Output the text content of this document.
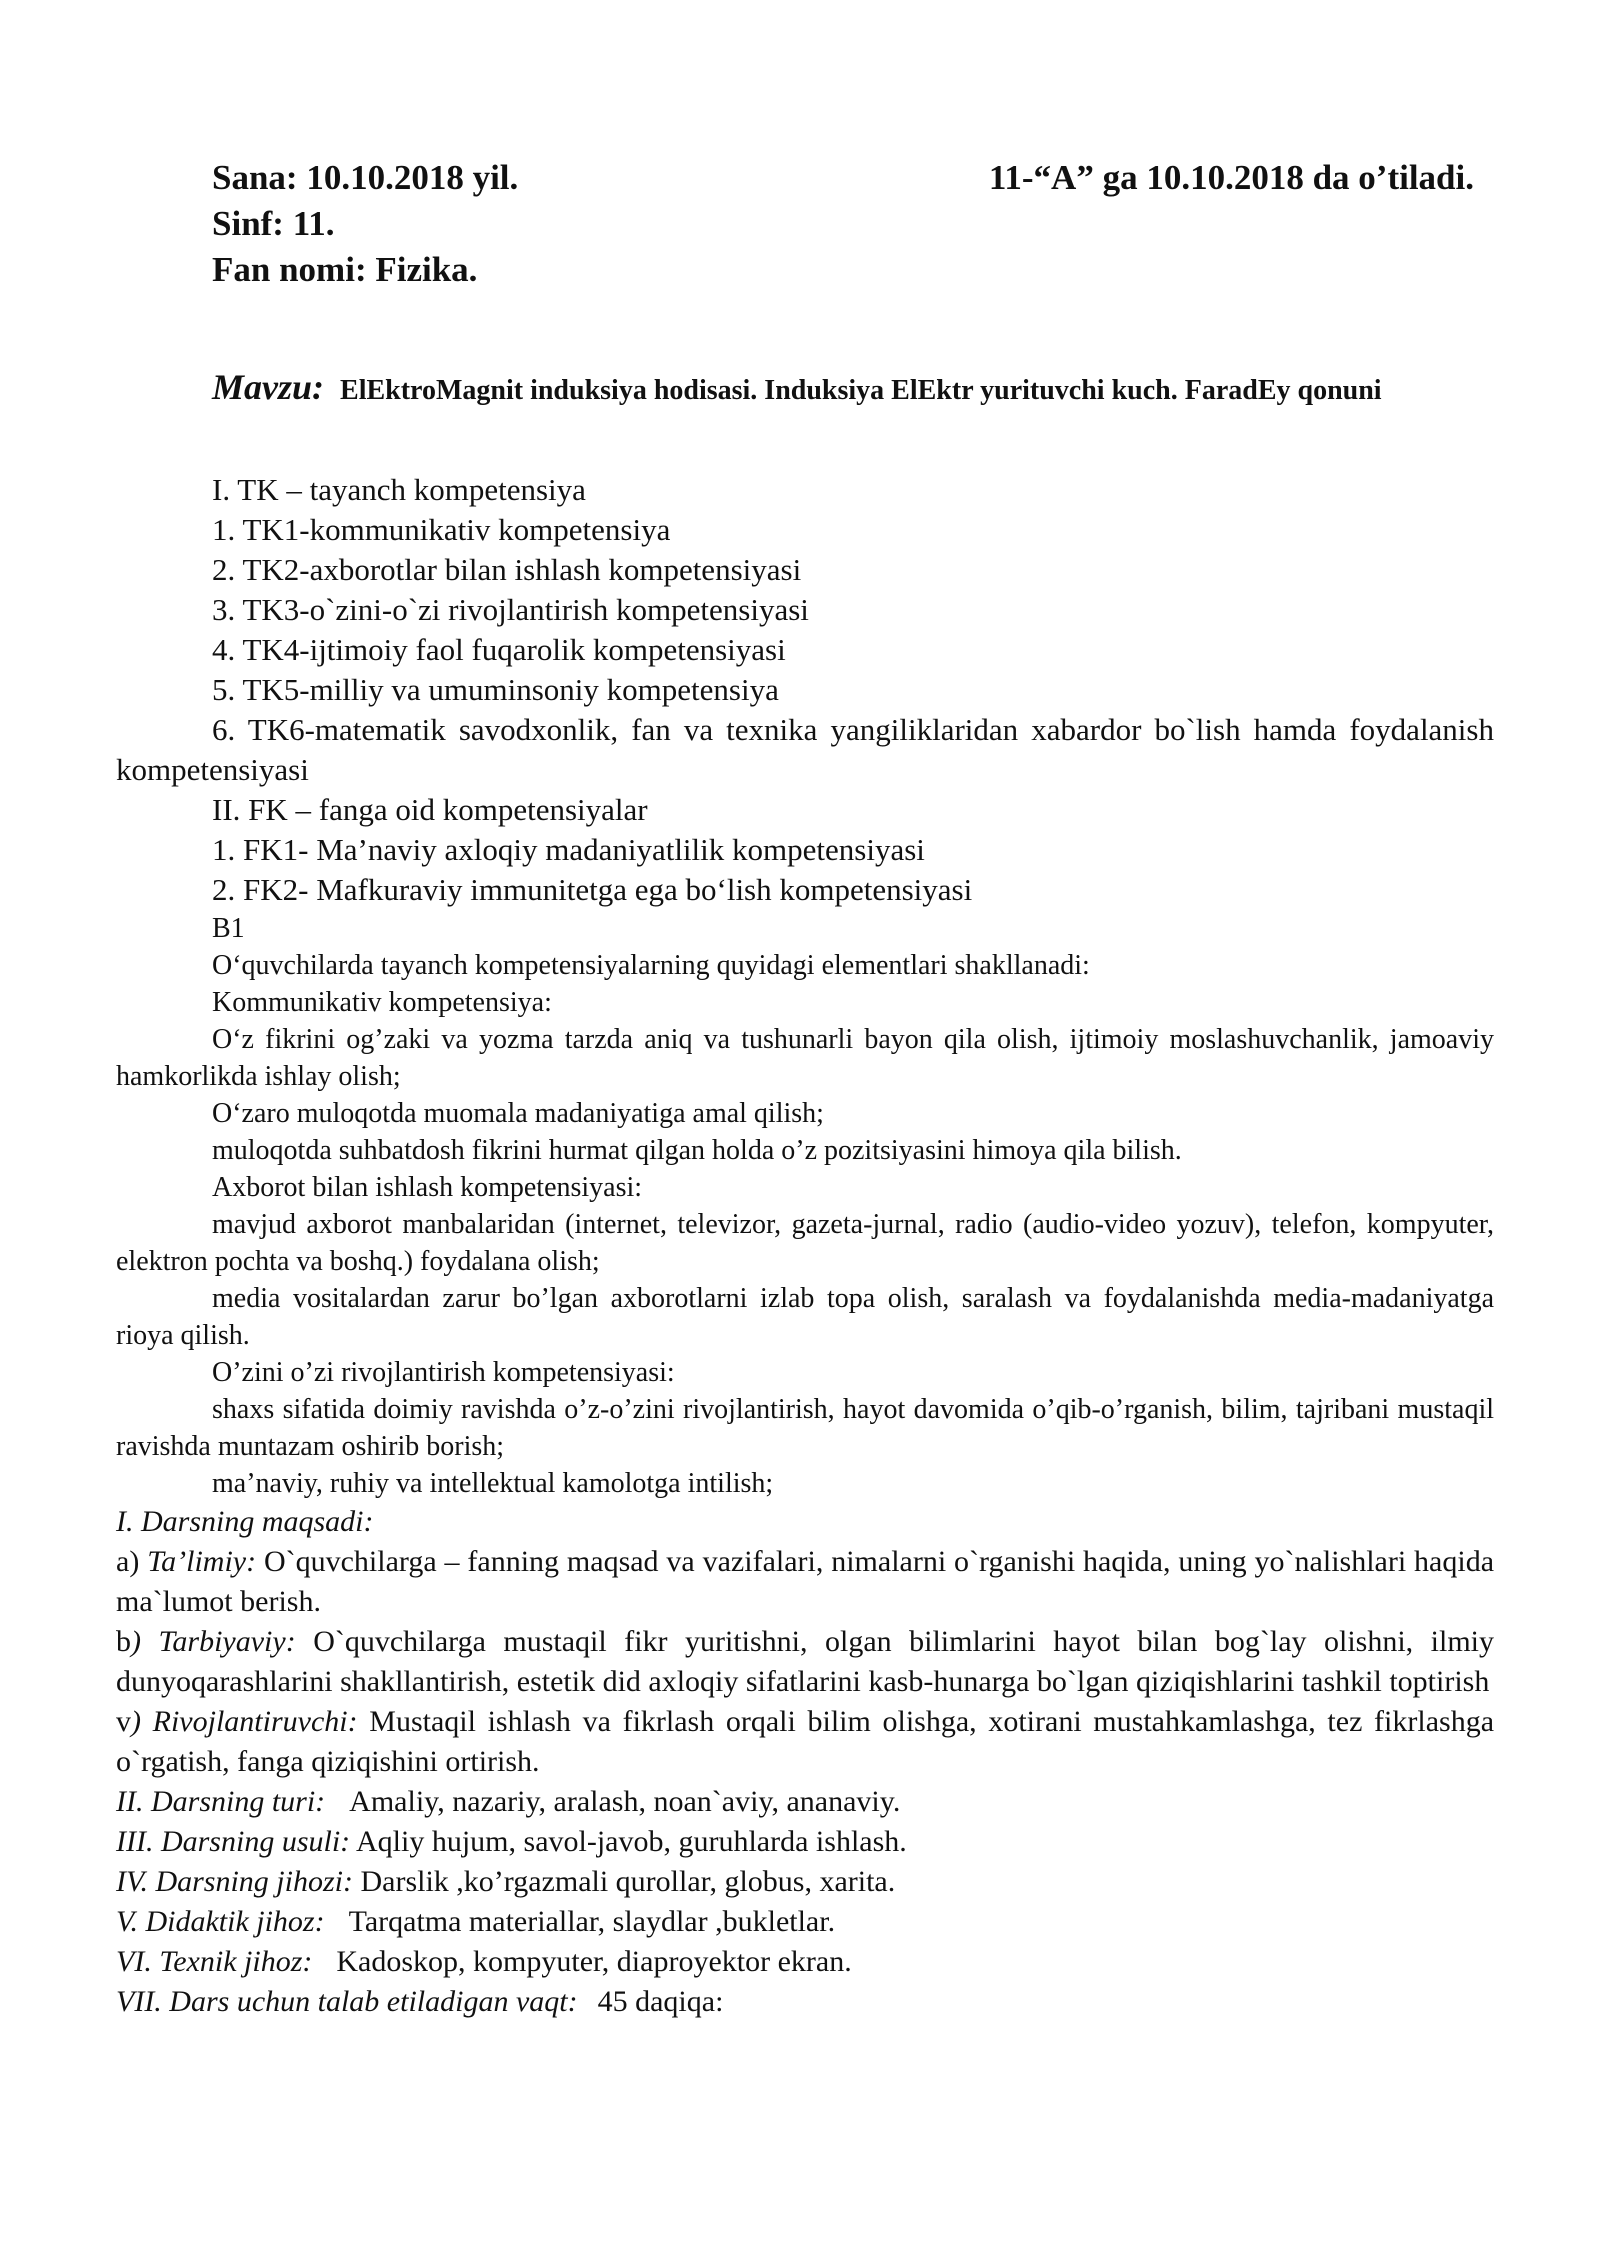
Sana: 10.10.2018 yil.	11-“A” ga 10.10.2018 da o’tiladi.
Sinf: 11.
Fan nomi: Fizika.

Mavzu: ElEktroMagnit induksiya hodisasi. Induksiya ElEktr yurituvchi kuch. FaradEy qonuni

I. TK – tayanch kompetensiya

1. TK1-kommunikativ kompetensiya

2. TK2-axborotlar bilan ishlash kompetensiyasi

3. TK3-o`zini-o`zi rivojlantirish kompetensiyasi

4. TK4-ijtimoiy faol fuqarolik kompetensiyasi

5. TK5-milliy va umuminsoniy kompetensiya

6. TK6-matematik savodxonlik, fan va texnika yangiliklaridan xabardor bo`lish hamda foydalanish kompetensiyasi

II. FK – fanga oid kompetensiyalar

1. FK1- Ma’naviy axloqiy madaniyatlilik kompetensiyasi

2. FK2- Mafkuraviy immunitetga ega bo‘lish kompetensiyasi

B1

O‘quvchilarda tayanch kompetensiyalarning quyidagi elementlari shakllanadi:

Kommunikativ kompetensiya:

O‘z fikrini og’zaki va yozma tarzda aniq va tushunarli bayon qila olish, ijtimoiy moslashuvchanlik, jamoaviy hamkorlikda ishlay olish;

O‘zaro muloqotda muomala madaniyatiga amal qilish;

muloqotda suhbatdosh fikrini hurmat qilgan holda o’z pozitsiyasini himoya qila bilish.

Axborot bilan ishlash kompetensiyasi:

mavjud axborot manbalaridan (internet, televizor, gazeta-jurnal, radio (audio-video yozuv), telefon, kompyuter, elektron pochta va boshq.) foydalana olish;

media vositalardan zarur bo’lgan axborotlarni izlab topa olish, saralash va foydalanishda media-madaniyatga rioya qilish.

O’zini o’zi rivojlantirish kompetensiyasi:

shaxs sifatida doimiy ravishda o’z-o’zini rivojlantirish, hayot davomida o’qib-o’rganish, bilim, tajribani mustaqil ravishda muntazam oshirib borish;

ma’naviy, ruhiy va intellektual kamolotga intilish;

I. Darsning maqsadi:

a) Ta’limiy: O`quvchilarga – fanning maqsad va vazifalari, nimalarni o`rganishi haqida, uning yo`nalishlari haqida ma`lumot berish.

b) Tarbiyaviy: O`quvchilarga mustaqil fikr yuritishni, olgan bilimlarini hayot bilan bog`lay olishni, ilmiy dunyoqarashlarini shakllantirish, estetik did axloqiy sifatlarini kasb-hunarga bo`lgan qiziqishlarini tashkil toptirish

v) Rivojlantiruvchi: Mustaqil ishlash va fikrlash orqali bilim olishga, xotirani mustahkamlashga, tez fikrlashga o`rgatish, fanga qiziqishini ortirish.

II. Darsning turi: Amaliy, nazariy, aralash, noan`aviy, ananaviy.

III. Darsning usuli: Aqliy hujum, savol-javob, guruhlarda ishlash.

IV. Darsning jihozi: Darslik ,ko’rgazmali qurollar, globus, xarita.

V. Didaktik jihoz: Tarqatma materiallar, slaydlar ,bukletlar.

VI. Texnik jihoz: Kadoskop, kompyuter, diaproyektor ekran.

VII. Dars uchun talab etiladigan vaqt: 45 daqiqa:
